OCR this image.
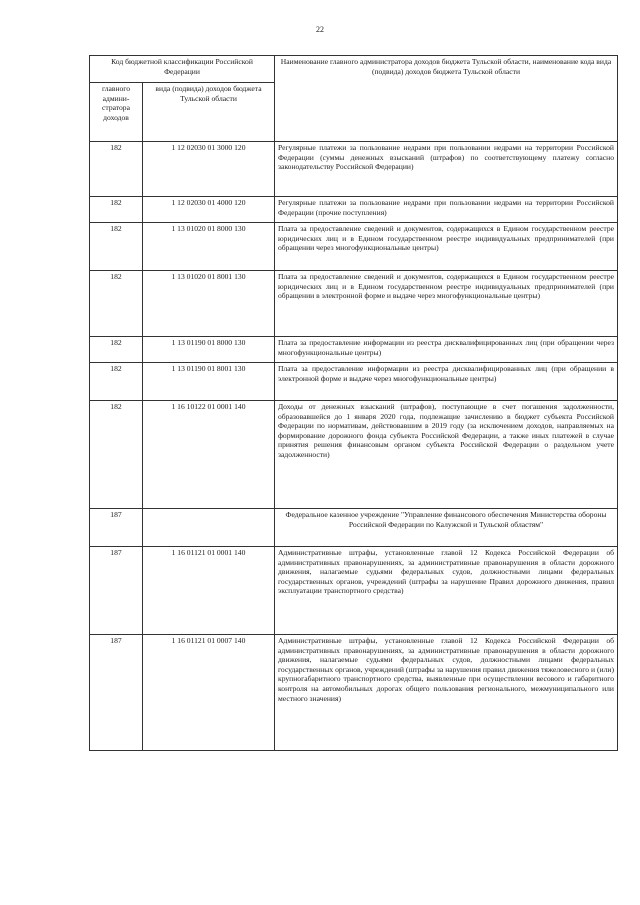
22
Код бюджетной классификации Российской Федерации		Наименование главного администратора доходов бюджета Тульской области, наименование кода вида (подвида) доходов бюджета Тульской области
главного админи-стратора доходов	вида (подвида) доходов бюджета Тульской области	
182	1 12 02030 01 3000 120	Регулярные платежи за пользование недрами при пользовании недрами на территории Российской Федерации (суммы денежных взысканий (штрафов) по соответствующему платежу согласно законодательству Российской Федерации)
182	1 12 02030 01 4000 120	Регулярные платежи за пользование недрами при пользовании недрами на территории Российской Федерации (прочие поступления)
182	1 13 01020 01 8000 130	Плата за предоставление сведений и документов, содержащихся в Едином государственном реестре юридических лиц и в Едином государственном реестре индивидуальных предпринимателей (при обращении через многофункциональные центры)
182	1 13 01020 01 8001 130	Плата за предоставление сведений и документов, содержащихся в Едином государственном реестре юридических лиц и в Едином государственном реестре индивидуальных предпринимателей (при обращении в электронной форме и выдаче через многофункциональные центры)
182	1 13 01190 01 8000 130	Плата за предоставление информации из реестра дисквалифицированных лиц (при обращении через многофункциональные центры)
182	1 13 01190 01 8001 130	Плата за предоставление информации из реестра дисквалифицированных лиц (при обращении в электронной форме и выдаче через многофункциональные центры)
182	1 16 10122 01 0001 140	Доходы от денежных взысканий (штрафов), поступающие в счет погашения задолженности, образовавшейся до 1 января 2020 года, подлежащие зачислению в бюджет субъекта Российской Федерации по нормативам, действовавшим в 2019 году (за исключением доходов, направляемых на формирование дорожного фонда субъекта Российской Федерации, а также иных платежей в случае принятия решения финансовым органом субъекта Российской Федерации о раздельном учете задолженности)
187		Федеральное казенное учреждение "Управление финансового обеспечения Министерства обороны Российской Федерации по Калужской и Тульской областям"
187	1 16 01121 01 0001 140	Административные штрафы, установленные главой 12 Кодекса Российской Федерации об административных правонарушениях, за административные правонарушения в области дорожного движения, налагаемые судьями федеральных судов, должностными лицами федеральных государственных органов, учреждений (штрафы за нарушение Правил дорожного движения, правил эксплуатации транспортного средства)
187	1 16 01121 01 0007 140	Административные штрафы, установленные главой 12 Кодекса Российской Федерации об административных правонарушениях, за административные правонарушения в области дорожного движения, налагаемые судьями федеральных судов, должностными лицами федеральных государственных органов, учреждений (штрафы за нарушения правил движения тяжеловесного и (или) крупногабаритного транспортного средства, выявленные при осуществлении весового и габаритного контроля на автомобильных дорогах общего пользования регионального, межмуниципального или местного значения)
